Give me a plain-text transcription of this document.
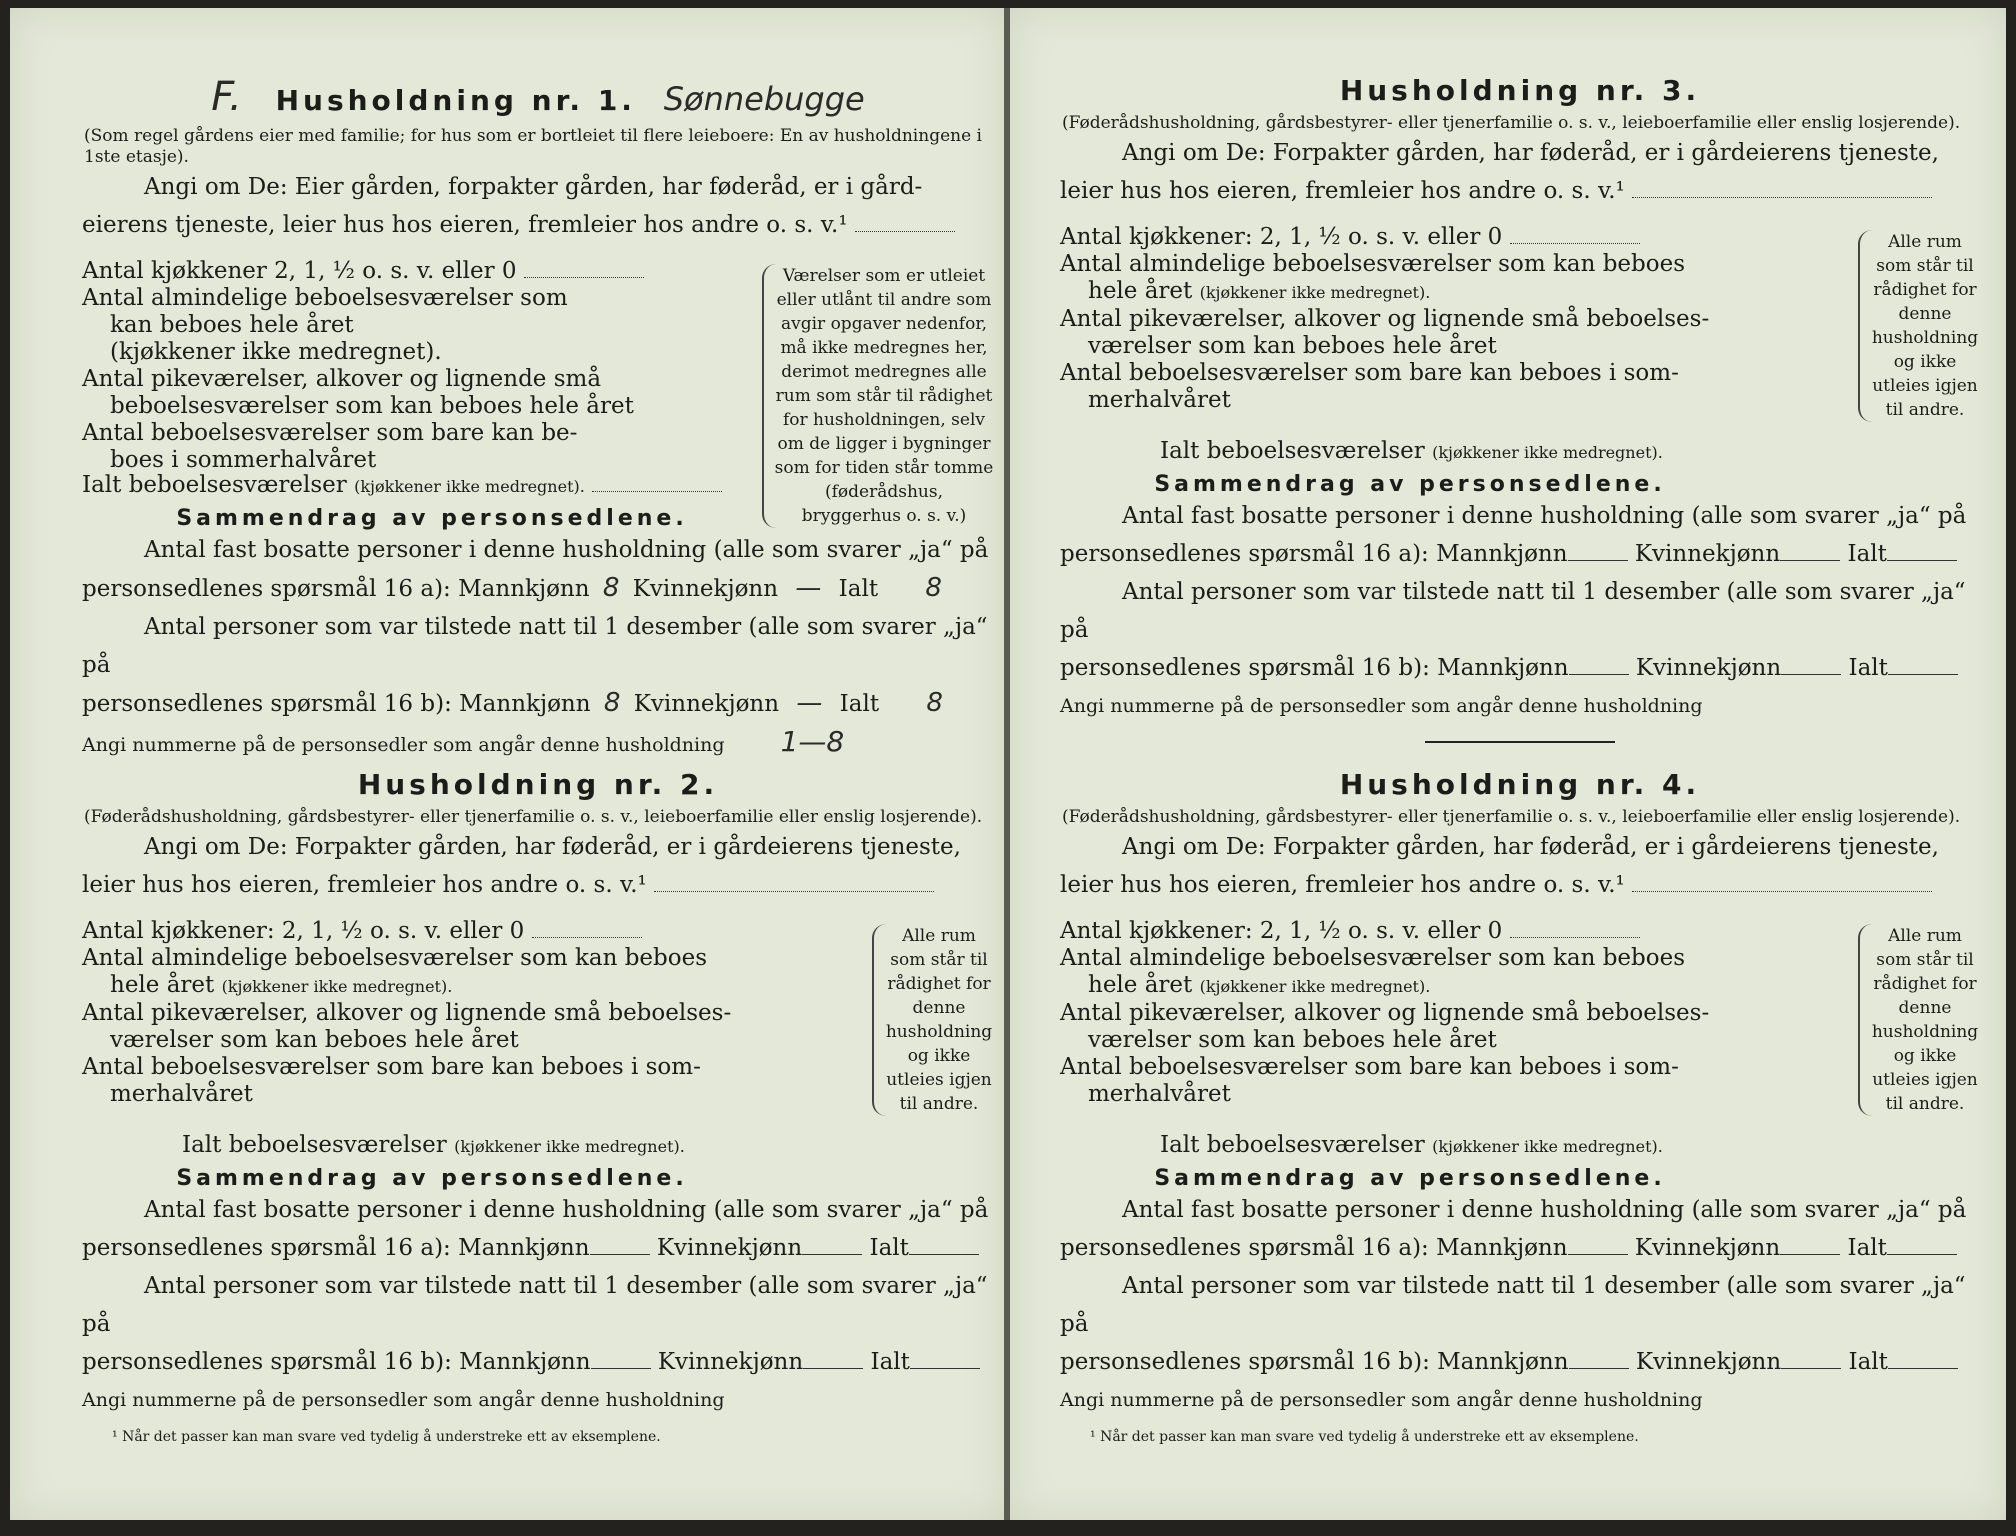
F. Husholdning nr. 1. Sønnebugge
(Som regel gårdens eier med familie; for hus som er bortleiet til flere leieboere: En av husholdningene i 1ste etasje).
Angi om De: Eier gården, forpakter gården, har føderåd, er i gård-
eierens tjeneste, leier hus hos eieren, fremleier hos andre o. s. v.¹
Antal kjøkkener 2, 1, ½ o. s. v. eller 0
Antal almindelige beboelsesværelser som
kan beboes hele året
(kjøkkener ikke medregnet).
Antal pikeværelser, alkover og lignende små
beboelsesværelser som kan beboes hele året
Antal beboelsesværelser som bare kan be-
boes i sommerhalvåret
Værelser som er utleiet eller utlånt til andre som avgir opgaver nedenfor, må ikke medregnes her, derimot medregnes alle rum som står til rådighet for husholdningen, selv om de ligger i bygninger som for tiden står tomme (føderådshus, bryggerhus o. s. v.)
Ialt beboelsesværelser (kjøkkener ikke medregnet).
Sammendrag av personsedlene.
Antal fast bosatte personer i denne husholdning (alle som svarer „ja“ på
personsedlenes spørsmål 16 a): Mannkjønn 8 Kvinnekjønn — Ialt 8
Antal personer som var tilstede natt til 1 desember (alle som svarer „ja“ på
personsedlenes spørsmål 16 b): Mannkjønn 8 Kvinnekjønn — Ialt 8
Angi nummerne på de personsedler som angår denne husholdning 1—8
Husholdning nr. 2.
(Føderådshusholdning, gårdsbestyrer- eller tjenerfamilie o. s. v., leieboerfamilie eller enslig losjerende).
Angi om De: Forpakter gården, har føderåd, er i gårdeierens tjeneste,
leier hus hos eieren, fremleier hos andre o. s. v.¹
Antal kjøkkener: 2, 1, ½ o. s. v. eller 0
Antal almindelige beboelsesværelser som kan beboes
hele året (kjøkkener ikke medregnet).
Antal pikeværelser, alkover og lignende små beboelses-
værelser som kan beboes hele året
Antal beboelsesværelser som bare kan beboes i som-
merhalvåret
Alle rum som står til rådighet for denne husholdning og ikke utleies igjen til andre.
Ialt beboelsesværelser (kjøkkener ikke medregnet).
Sammendrag av personsedlene.
Antal fast bosatte personer i denne husholdning (alle som svarer „ja“ på
personsedlenes spørsmål 16 a): Mannkjønn	Kvinnekjønn	Ialt
Antal personer som var tilstede natt til 1 desember (alle som svarer „ja“ på
personsedlenes spørsmål 16 b): Mannkjønn	Kvinnekjønn	Ialt
Angi nummerne på de personsedler som angår denne husholdning
¹ Når det passer kan man svare ved tydelig å understreke ett av eksemplene.
Husholdning nr. 3.
(Føderådshusholdning, gårdsbestyrer- eller tjenerfamilie o. s. v., leieboerfamilie eller enslig losjerende).
Angi om De: Forpakter gården, har føderåd, er i gårdeierens tjeneste,
leier hus hos eieren, fremleier hos andre o. s. v.¹
Antal kjøkkener: 2, 1, ½ o. s. v. eller 0
Antal almindelige beboelsesværelser som kan beboes
hele året (kjøkkener ikke medregnet).
Antal pikeværelser, alkover og lignende små beboelses-
værelser som kan beboes hele året
Antal beboelsesværelser som bare kan beboes i som-
merhalvåret
Alle rum som står til rådighet for denne husholdning og ikke utleies igjen til andre.
Ialt beboelsesværelser (kjøkkener ikke medregnet).
Sammendrag av personsedlene.
Antal fast bosatte personer i denne husholdning (alle som svarer „ja“ på
personsedlenes spørsmål 16 a): Mannkjønn	Kvinnekjønn	Ialt
Antal personer som var tilstede natt til 1 desember (alle som svarer „ja“ på
personsedlenes spørsmål 16 b): Mannkjønn	Kvinnekjønn	Ialt
Angi nummerne på de personsedler som angår denne husholdning
Husholdning nr. 4.
(Føderådshusholdning, gårdsbestyrer- eller tjenerfamilie o. s. v., leieboerfamilie eller enslig losjerende).
Angi om De: Forpakter gården, har føderåd, er i gårdeierens tjeneste,
leier hus hos eieren, fremleier hos andre o. s. v.¹
Antal kjøkkener: 2, 1, ½ o. s. v. eller 0
Antal almindelige beboelsesværelser som kan beboes
hele året (kjøkkener ikke medregnet).
Antal pikeværelser, alkover og lignende små beboelses-
værelser som kan beboes hele året
Antal beboelsesværelser som bare kan beboes i som-
merhalvåret
Alle rum som står til rådighet for denne husholdning og ikke utleies igjen til andre.
Ialt beboelsesværelser (kjøkkener ikke medregnet).
Sammendrag av personsedlene.
Antal fast bosatte personer i denne husholdning (alle som svarer „ja“ på
personsedlenes spørsmål 16 a): Mannkjønn	Kvinnekjønn	Ialt
Antal personer som var tilstede natt til 1 desember (alle som svarer „ja“ på
personsedlenes spørsmål 16 b): Mannkjønn	Kvinnekjønn	Ialt
Angi nummerne på de personsedler som angår denne husholdning
¹ Når det passer kan man svare ved tydelig å understreke ett av eksemplene.
